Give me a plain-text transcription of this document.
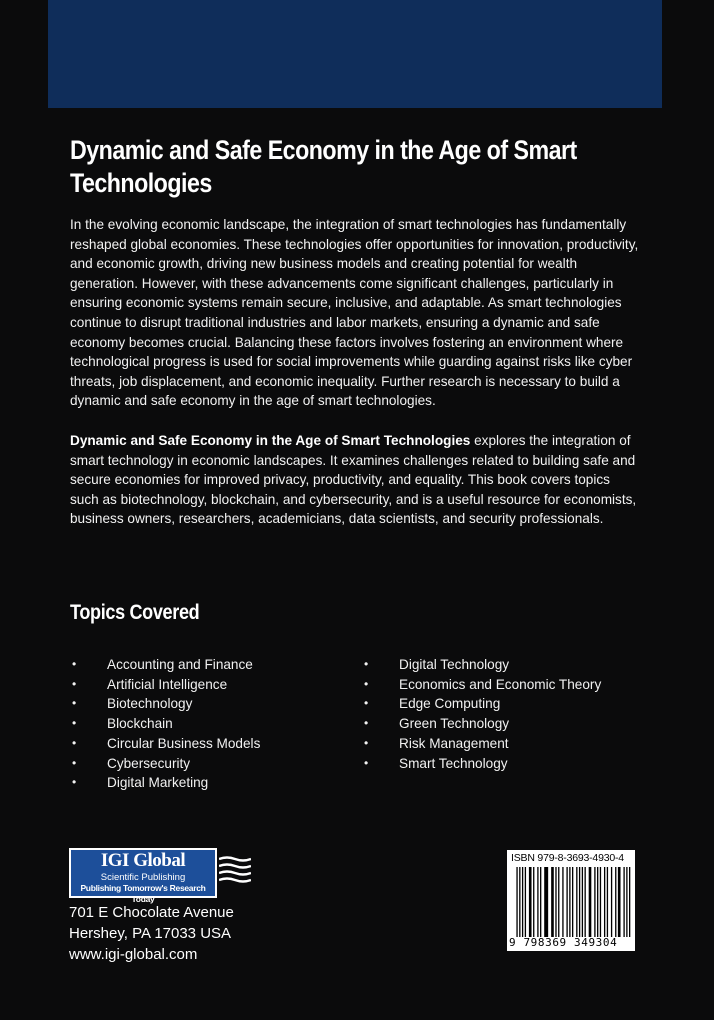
Dynamic and Safe Economy in the Age of Smart Technologies

In the evolving economic landscape, the integration of smart technologies has fundamentally reshaped global economies. These technologies offer opportunities for innovation, productivity, and economic growth, driving new business models and creating potential for wealth generation. However, with these advancements come significant challenges, particularly in ensuring economic systems remain secure, inclusive, and adaptable. As smart technologies continue to disrupt traditional industries and labor markets, ensuring a dynamic and safe economy becomes crucial. Balancing these factors involves fostering an environment where technological progress is used for social improvements while guarding against risks like cyber threats, job displacement, and economic inequality. Further research is necessary to build a dynamic and safe economy in the age of smart technologies.

Dynamic and Safe Economy in the Age of Smart Technologies explores the integration of smart technology in economic landscapes. It examines challenges related to building safe and secure economies for improved privacy, productivity, and equality. This book covers topics such as biotechnology, blockchain, and cybersecurity, and is a useful resource for economists, business owners, researchers, academicians, data scientists, and security professionals.

Topics Covered
• Accounting and Finance
• Artificial Intelligence
• Biotechnology
• Blockchain
• Circular Business Models
• Cybersecurity
• Digital Marketing
• Digital Technology
• Economics and Economic Theory
• Edge Computing
• Green Technology
• Risk Management
• Smart Technology
IGI Global
Scientific Publishing
Publishing Tomorrow's Research Today

701 E Chocolate Avenue

Hershey, PA 17033 USA

www.igi-global.com

ISBN 979-8-3693-4930-4
9 798369 349304
